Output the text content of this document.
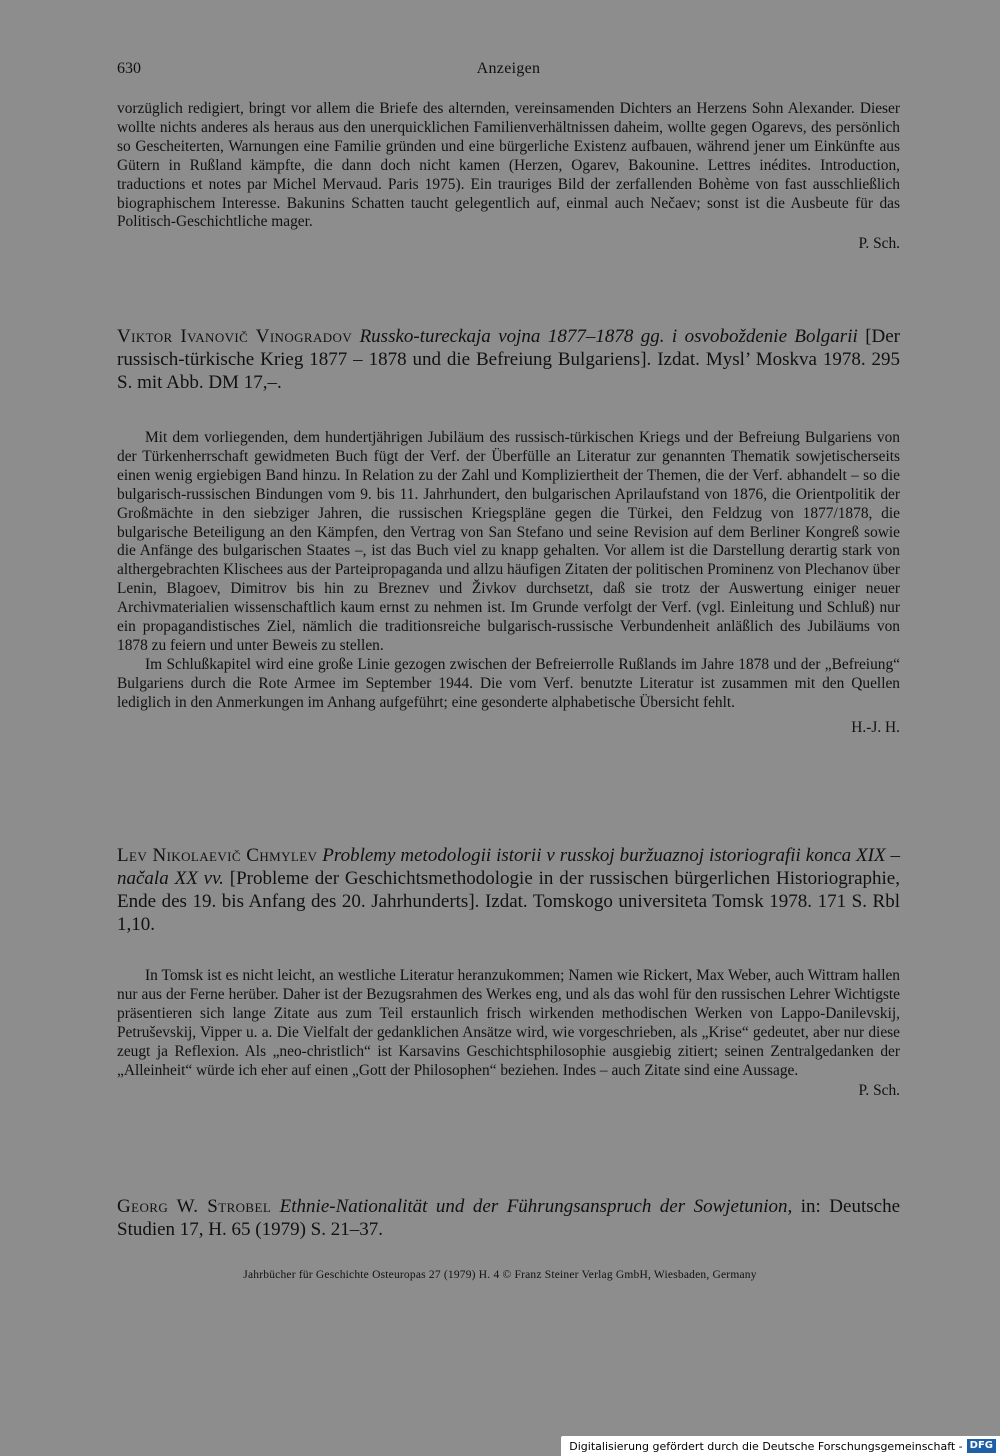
630	Anzeigen

vorzüglich redigiert, bringt vor allem die Briefe des alternden, vereinsamenden Dichters an Herzens Sohn Alexander. Dieser wollte nichts anderes als heraus aus den unerquicklichen Familienverhältnissen daheim, wollte gegen Ogarevs, des persönlich so Gescheiterten, Warnungen eine Familie gründen und eine bürgerliche Existenz aufbauen, während jener um Einkünfte aus Gütern in Rußland kämpfte, die dann doch nicht kamen (Herzen, Ogarev, Bakounine. Lettres inédites. Introduction, traductions et notes par Michel Mervaud. Paris 1975). Ein trauriges Bild der zerfallenden Bohème von fast ausschließlich biographischem Interesse. Bakunins Schatten taucht gelegentlich auf, einmal auch Nečaev; sonst ist die Ausbeute für das Politisch-Geschichtliche mager.

P. Sch.

Viktor Ivanovič Vinogradov Russko-tureckaja vojna 1877–1878 gg. i osvoboždenie Bolgarii [Der russisch-türkische Krieg 1877 – 1878 und die Befreiung Bulgariens]. Izdat. Mysl’ Moskva 1978. 295 S. mit Abb. DM 17,–.

Mit dem vorliegenden, dem hundertjährigen Jubiläum des russisch-türkischen Kriegs und der Befreiung Bulgariens von der Türkenherrschaft gewidmeten Buch fügt der Verf. der Überfülle an Literatur zur genannten Thematik sowjetischerseits einen wenig ergiebigen Band hinzu. In Relation zu der Zahl und Kompliziertheit der Themen, die der Verf. abhandelt – so die bulgarisch-russischen Bindungen vom 9. bis 11. Jahrhundert, den bulgarischen Aprilaufstand von 1876, die Orientpolitik der Großmächte in den siebziger Jahren, die russischen Kriegspläne gegen die Türkei, den Feldzug von 1877/1878, die bulgarische Beteiligung an den Kämpfen, den Vertrag von San Stefano und seine Revision auf dem Berliner Kongreß sowie die Anfänge des bulgarischen Staates –, ist das Buch viel zu knapp gehalten. Vor allem ist die Darstellung derartig stark von althergebrachten Klischees aus der Parteipropaganda und allzu häufigen Zitaten der politischen Prominenz von Plechanov über Lenin, Blagoev, Dimitrov bis hin zu Breznev und Živkov durchsetzt, daß sie trotz der Auswertung einiger neuer Archivmaterialien wissenschaftlich kaum ernst zu nehmen ist. Im Grunde verfolgt der Verf. (vgl. Einleitung und Schluß) nur ein propagandistisches Ziel, nämlich die traditionsreiche bulgarisch-russische Verbundenheit anläßlich des Jubiläums von 1878 zu feiern und unter Beweis zu stellen.

Im Schlußkapitel wird eine große Linie gezogen zwischen der Befreierrolle Rußlands im Jahre 1878 und der „Befreiung“ Bulgariens durch die Rote Armee im September 1944. Die vom Verf. benutzte Literatur ist zusammen mit den Quellen lediglich in den Anmerkungen im Anhang aufgeführt; eine gesonderte alphabetische Übersicht fehlt.

H.-J. H.

Lev Nikolaevič Chmylev Problemy metodologii istorii v russkoj buržuaznoj istoriografii konca XIX – načala XX vv. [Probleme der Geschichtsmethodologie in der russischen bürgerlichen Historiographie, Ende des 19. bis Anfang des 20. Jahrhunderts]. Izdat. Tomskogo universiteta Tomsk 1978. 171 S. Rbl 1,10.

In Tomsk ist es nicht leicht, an westliche Literatur heranzukommen; Namen wie Rickert, Max Weber, auch Wittram hallen nur aus der Ferne herüber. Daher ist der Bezugsrahmen des Werkes eng, und als das wohl für den russischen Lehrer Wichtigste präsentieren sich lange Zitate aus zum Teil erstaunlich frisch wirkenden methodischen Werken von Lappo-Danilevskij, Petruševskij, Vipper u. a. Die Vielfalt der gedanklichen Ansätze wird, wie vorgeschrieben, als „Krise“ gedeutet, aber nur diese zeugt ja Reflexion. Als „neo-christlich“ ist Karsavins Geschichtsphilosophie ausgiebig zitiert; seinen Zentralgedanken der „Alleinheit“ würde ich eher auf einen „Gott der Philosophen“ beziehen. Indes – auch Zitate sind eine Aussage.

P. Sch.

Georg W. Strobel Ethnie-Nationalität und der Führungsanspruch der Sowjetunion, in: Deutsche Studien 17, H. 65 (1979) S. 21–37.

Jahrbücher für Geschichte Osteuropas 27 (1979) H. 4 © Franz Steiner Verlag GmbH, Wiesbaden, Germany
Digitalisierung gefördert durch die Deutsche Forschungsgemeinschaft - DFG
